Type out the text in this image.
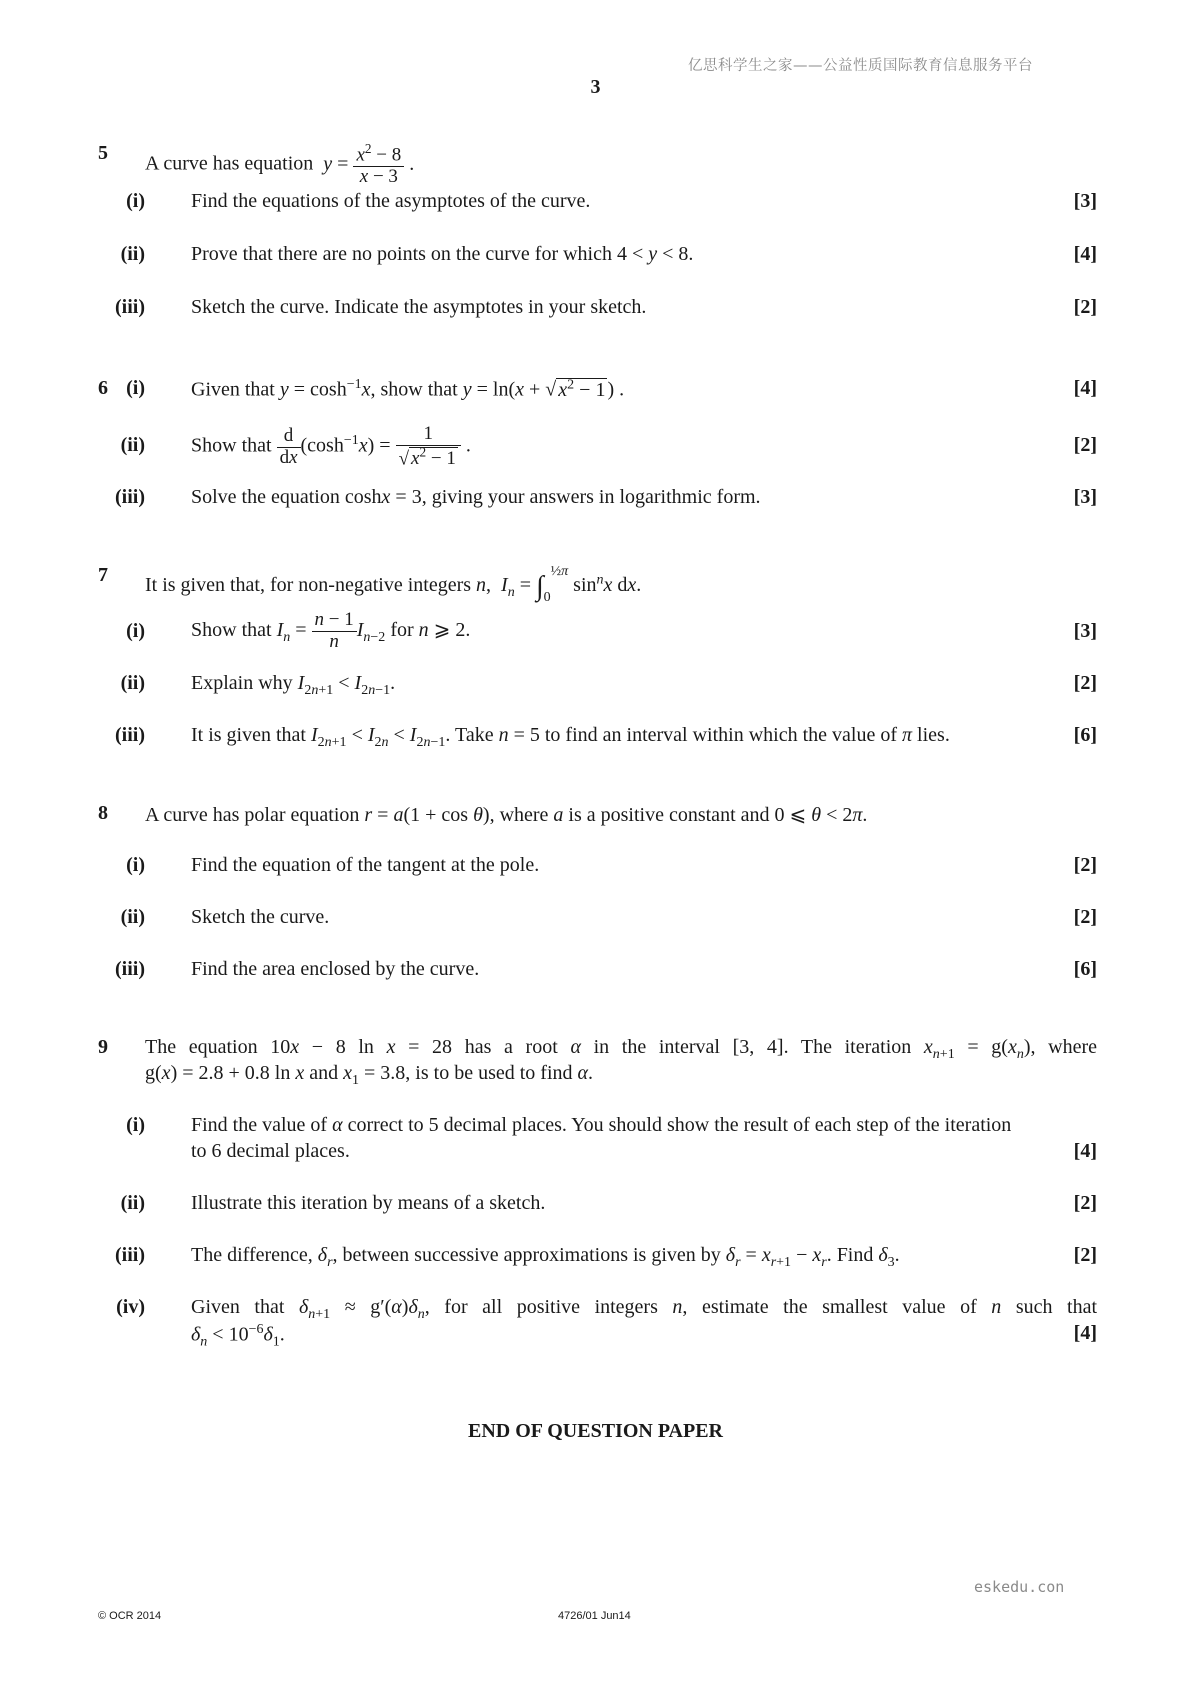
亿思科学生之家——公益性质国际教育信息服务平台
3
5 A curve has equation $y = \frac{x^2 - 8}{x - 3}$ .
(i) Find the equations of the asymptotes of the curve.	[3]
(ii) Prove that there are no points on the curve for which 4 < y < 8.	[4]
(iii) Sketch the curve. Indicate the asymptotes in your sketch.	[2]
6 (i) Given that $y = \cosh^{-1}x$, show that y = ln(x + √ $x^2 - 1$ ) .	[4]
(ii) Show that $\frac{d}{dx} (\cosh^{-1}x) = \frac{1}{√ x^2 - 1}$ .	[2]
(iii) Solve the equation coshx = 3, giving your answers in logarithmic form.	[3]
7 It is given that, for non-negative integers n,  $I_n = \int_0^{\frac{1}{2}\pi}$ $\sin^nx$ dx.
(i) Show that $I_n = \frac{n - 1}{n} I_{n-2}$ for n ⩾ 2.	[3]
(ii) Explain why $I_{2n+1} < I_{2n-1}$.	[2]
(iii) It is given that $I_{2n+1} < I_{2n} < I_{2n-1}$. Take n = 5 to find an interval within which the value of π lies.	[6]
8 A curve has polar equation r = a(1 + cos θ), where a is a positive constant and 0 ⩽ θ < 2π.
(i) Find the equation of the tangent at the pole.	[2]
(ii) Sketch the curve.	[2]
(iii) Find the area enclosed by the curve.	[6]
9 The equation 10x − 8 ln x = 28 has a root α in the interval [3, 4]. The iteration $x_{n+1} = g(x_n)$, where
g(x) = 2.8 + 0.8 ln x and $x_1 = 3.8$, is to be used to find α.
(i) Find the value of α correct to 5 decimal places. You should show the result of each step of the iteration
to 6 decimal places.	[4]
(ii) Illustrate this iteration by means of a sketch.	[2]
(iii) The difference, $\delta_r$, between successive approximations is given by $\delta_r = x_{r+1} - x_r$. Find $\delta_3$.	[2]
(iv) Given that $\delta_{n+1} \approx g'(\alpha)\delta_n$, for all positive integers n, estimate the smallest value of n such that
$\delta_n < 10^{-6}\delta_1$.	[4]
END OF QUESTION PAPER
eskedu.con
© OCR 2014	4726/01 Jun14
